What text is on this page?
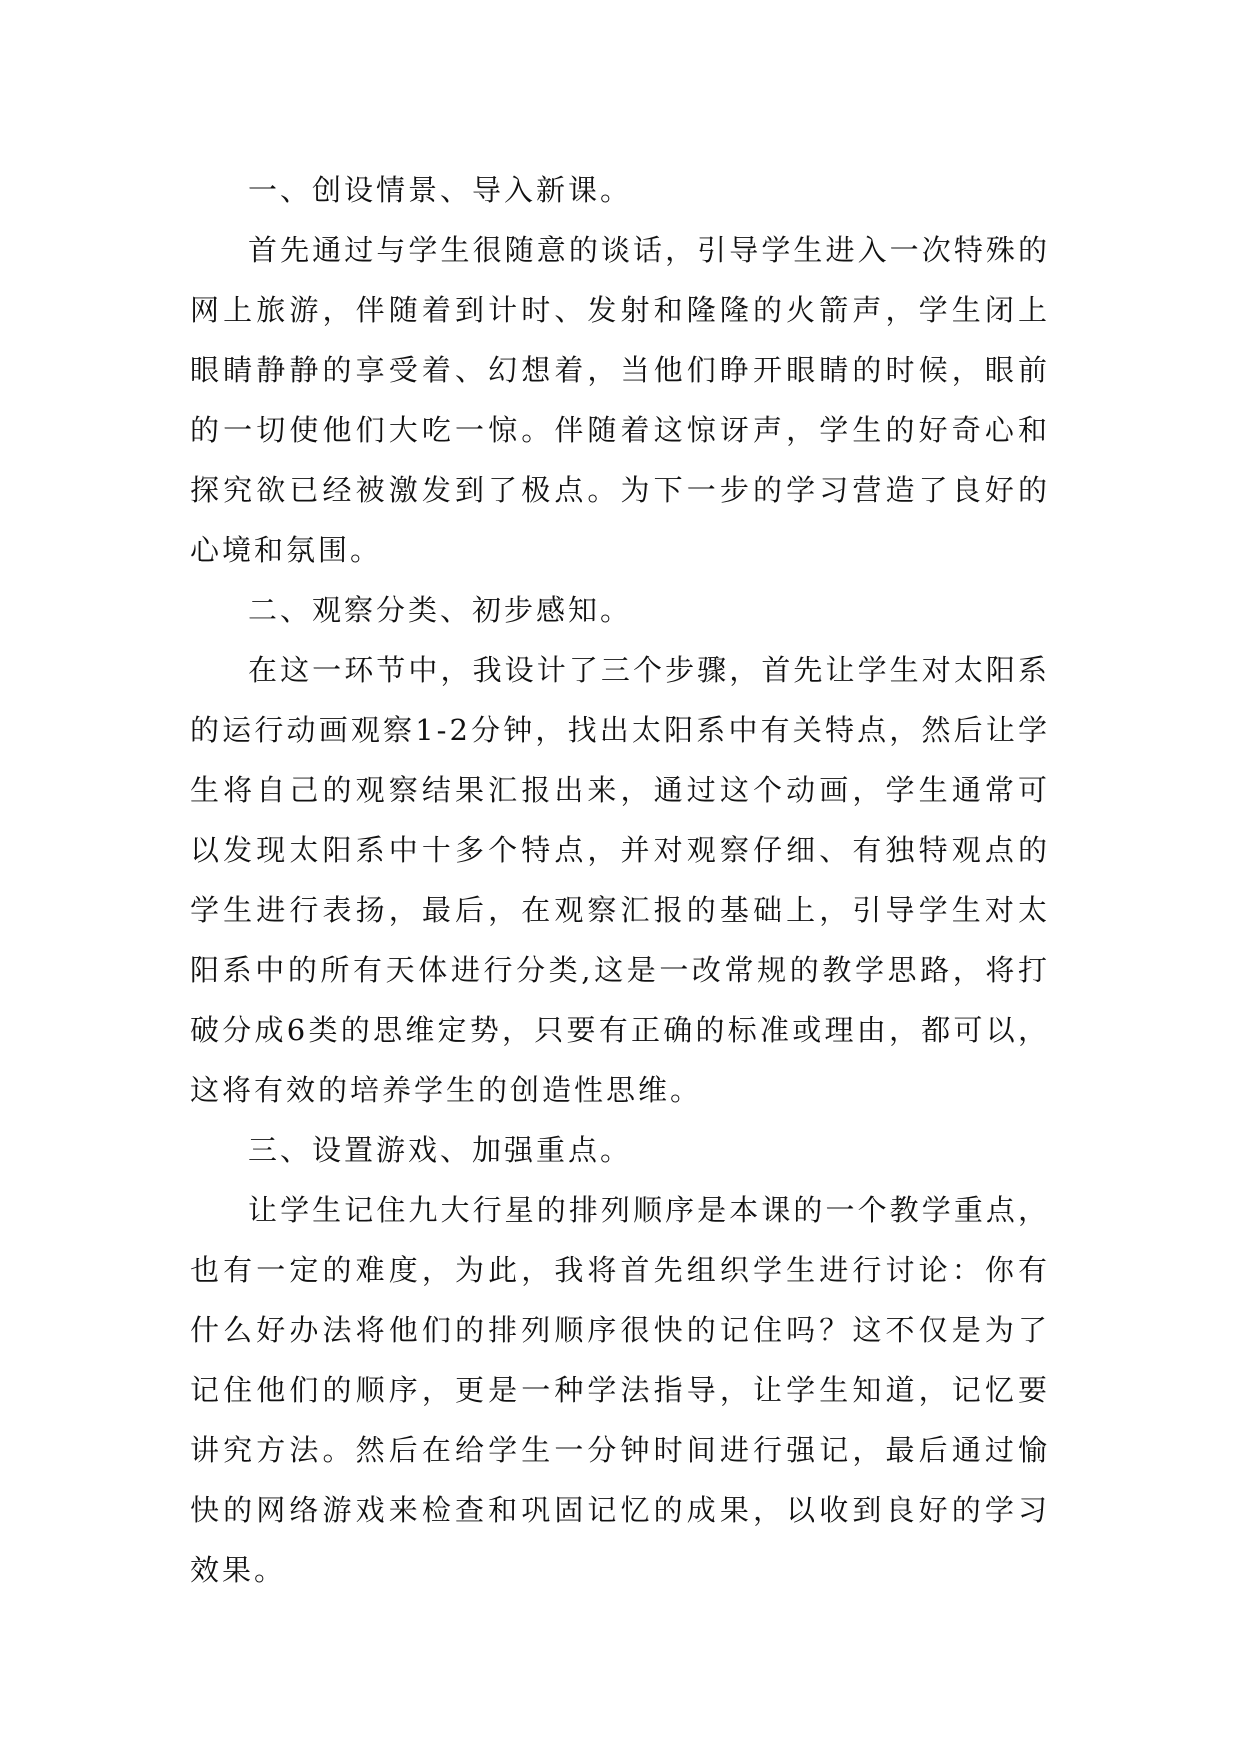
一、创设情景、导入新课。

首先通过与学生很随意的谈话，引导学生进入一次特殊的网上旅游，伴随着到计时、发射和隆隆的火箭声，学生闭上眼睛静静的享受着、幻想着，当他们睁开眼睛的时候，眼前的一切使他们大吃一惊。伴随着这惊讶声，学生的好奇心和探究欲已经被激发到了极点。为下一步的学习营造了良好的心境和氛围。

二、观察分类、初步感知。

在这一环节中，我设计了三个步骤，首先让学生对太阳系的运行动画观察1-2分钟，找出太阳系中有关特点，然后让学生将自己的观察结果汇报出来，通过这个动画，学生通常可以发现太阳系中十多个特点，并对观察仔细、有独特观点的学生进行表扬，最后，在观察汇报的基础上，引导学生对太阳系中的所有天体进行分类,这是一改常规的教学思路，将打破分成6类的思维定势，只要有正确的标准或理由，都可以，这将有效的培养学生的创造性思维。

三、设置游戏、加强重点。

让学生记住九大行星的排列顺序是本课的一个教学重点，也有一定的难度，为此，我将首先组织学生进行讨论：你有什么好办法将他们的排列顺序很快的记住吗？这不仅是为了记住他们的顺序，更是一种学法指导，让学生知道，记忆要讲究方法。然后在给学生一分钟时间进行强记，最后通过愉快的网络游戏来检查和巩固记忆的成果，以收到良好的学习效果。
